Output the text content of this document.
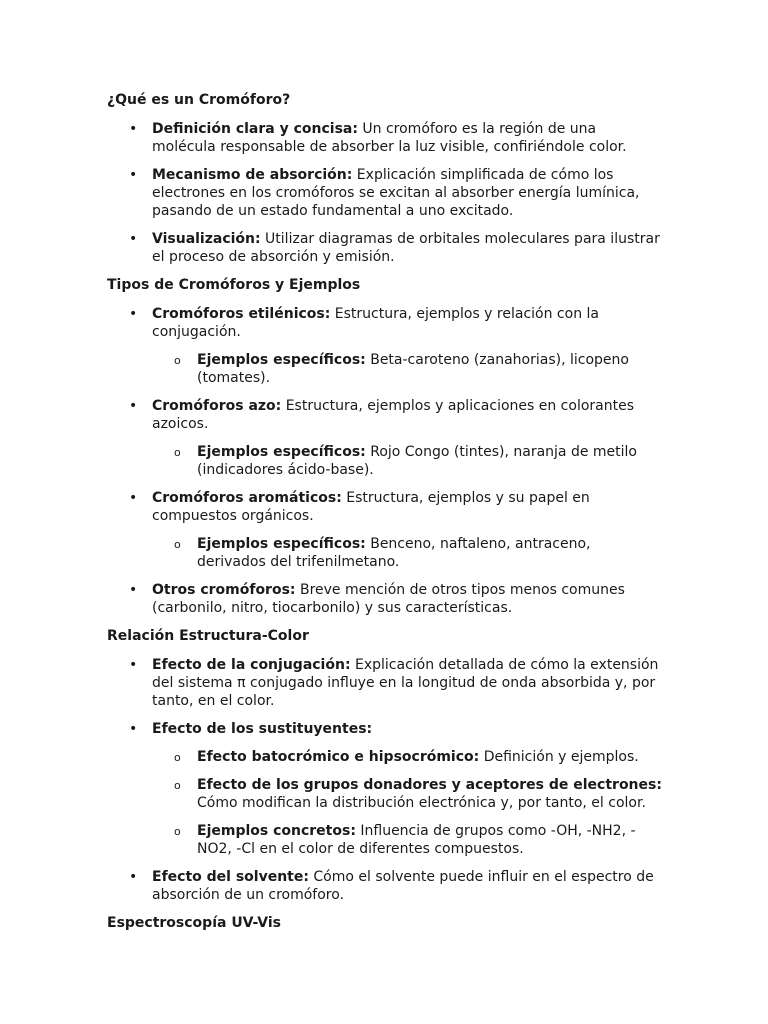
¿Qué es un Cromóforo?
• Definición clara y concisa: Un cromóforo es la región de una molécula responsable de absorber la luz visible, confiriéndole color.
• Mecanismo de absorción: Explicación simplificada de cómo los electrones en los cromóforos se excitan al absorber energía lumínica, pasando de un estado fundamental a uno excitado.
• Visualización: Utilizar diagramas de orbitales moleculares para ilustrar el proceso de absorción y emisión.
Tipos de Cromóforos y Ejemplos
• Cromóforos etilénicos: Estructura, ejemplos y relación con la conjugación.
o Ejemplos específicos: Beta-caroteno (zanahorias), licopeno (tomates).
• Cromóforos azo: Estructura, ejemplos y aplicaciones en colorantes azoicos.
o Ejemplos específicos: Rojo Congo (tintes), naranja de metilo (indicadores ácido-base).
• Cromóforos aromáticos: Estructura, ejemplos y su papel en compuestos orgánicos.
o Ejemplos específicos: Benceno, naftaleno, antraceno, derivados del trifenilmetano.
• Otros cromóforos: Breve mención de otros tipos menos comunes (carbonilo, nitro, tiocarbonilo) y sus características.
Relación Estructura-Color
• Efecto de la conjugación: Explicación detallada de cómo la extensión del sistema π conjugado influye en la longitud de onda absorbida y, por tanto, en el color.
• Efecto de los sustituyentes:
o Efecto batocrómico e hipsocrómico: Definición y ejemplos.
o Efecto de los grupos donadores y aceptores de electrones: Cómo modifican la distribución electrónica y, por tanto, el color.
o Ejemplos concretos: Influencia de grupos como -OH, -NH2, -NO2, -Cl en el color de diferentes compuestos.
• Efecto del solvente: Cómo el solvente puede influir en el espectro de absorción de un cromóforo.
Espectroscopía UV-Vis
